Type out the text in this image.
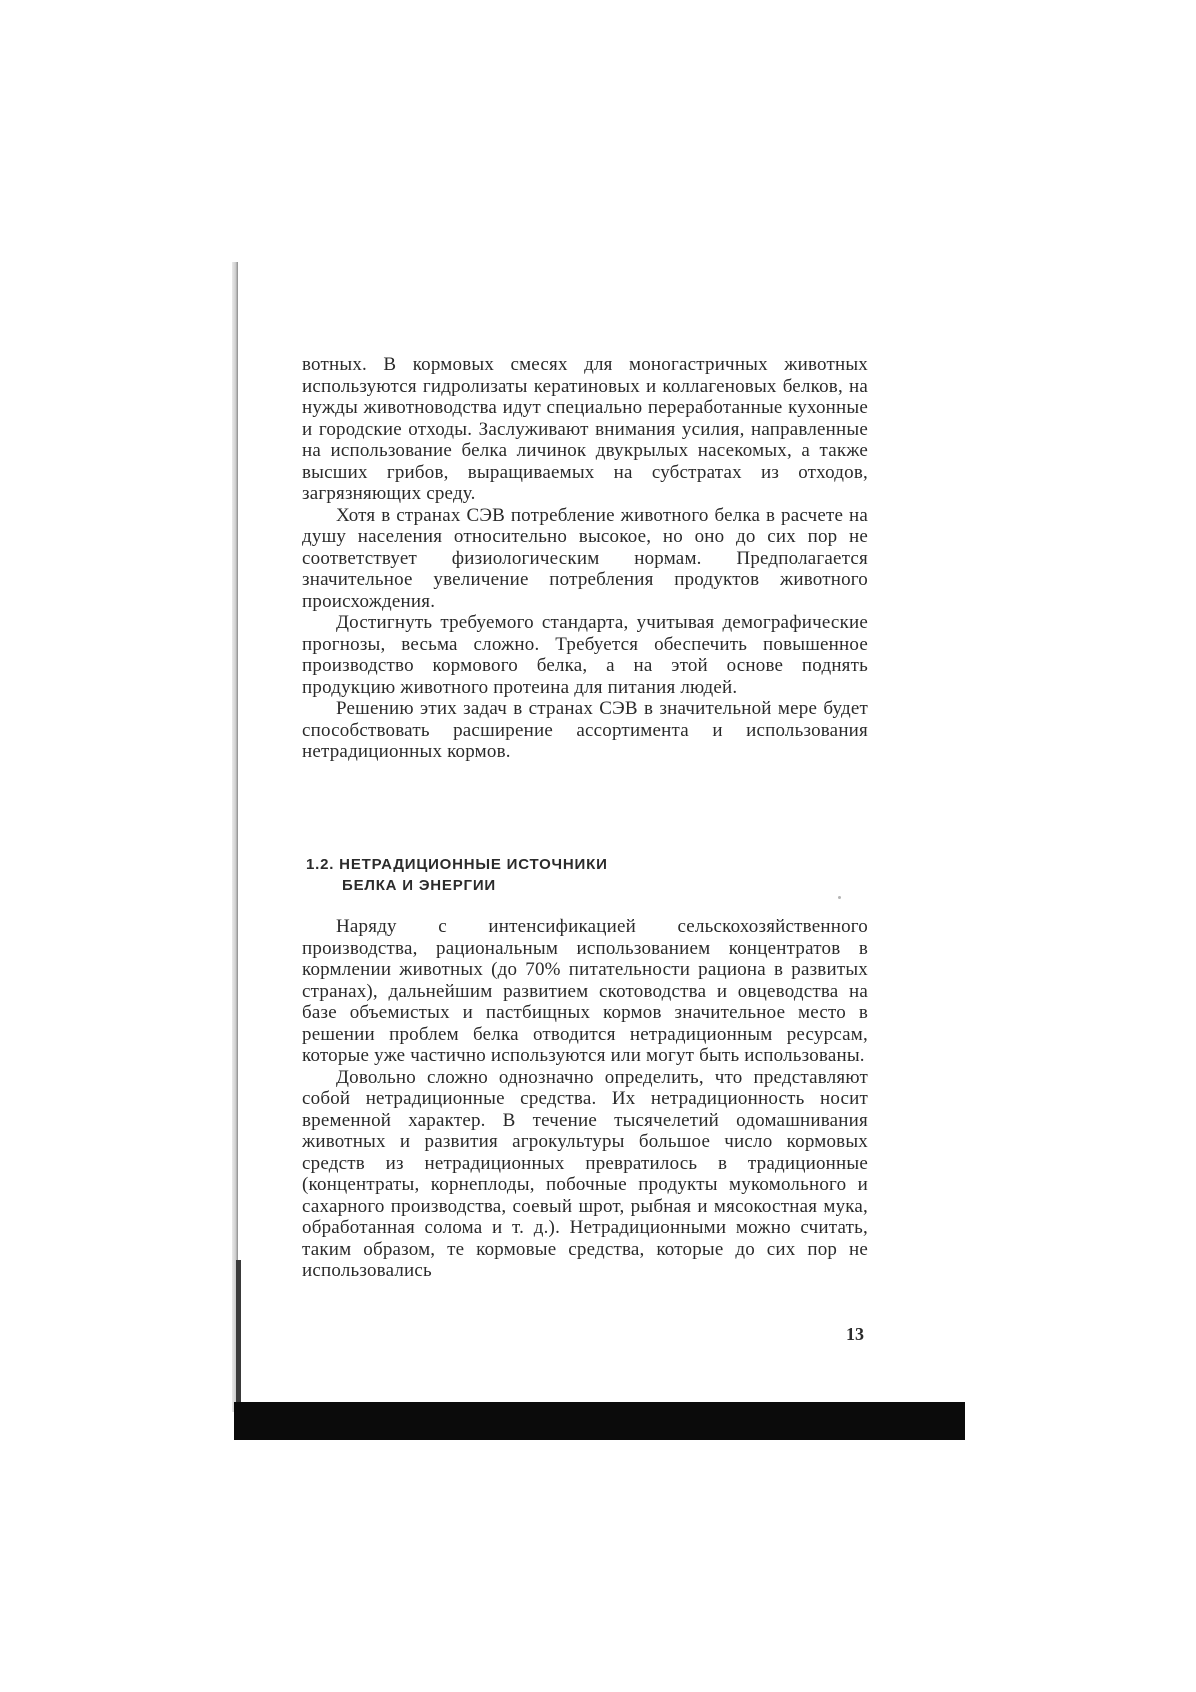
вотных. В кормовых смесях для моногастричных животных используются гидролизаты кератиновых и коллагеновых белков, на нужды животноводства идут специально переработанные кухонные и городские отходы. Заслуживают внимания усилия, направленные на использование белка личинок двукрылых насекомых, а также высших грибов, выращиваемых на субстратах из отходов, загрязняющих среду.

Хотя в странах СЭВ потребление животного белка в расчете на душу населения относительно высокое, но оно до сих пор не соответствует физиологическим нормам. Предполагается значительное увеличение потребления продуктов животного происхождения.

Достигнуть требуемого стандарта, учитывая демографические прогнозы, весьма сложно. Требуется обеспечить повышенное производство кормового белка, а на этой основе поднять продукцию животного протеина для питания людей.

Решению этих задач в странах СЭВ в значительной мере будет способствовать расширение ассортимента и использования нетрадиционных кормов.

1.2. НЕТРАДИЦИОННЫЕ ИСТОЧНИКИ
БЕЛКА И ЭНЕРГИИ

Наряду с интенсификацией сельскохозяйственного производства, рациональным использованием концентратов в кормлении животных (до 70% питательности рациона в развитых странах), дальнейшим развитием скотоводства и овцеводства на базе объемистых и пастбищных кормов значительное место в решении проблем белка отводится нетрадиционным ресурсам, которые уже частично используются или могут быть использованы.

Довольно сложно однозначно определить, что представляют собой нетрадиционные средства. Их нетрадиционность носит временной характер. В течение тысячелетий одомашнивания животных и развития агрокультуры большое число кормовых средств из нетрадиционных превратилось в традиционные (концентраты, корнеплоды, побочные продукты мукомольного и сахарного производства, соевый шрот, рыбная и мясокостная мука, обработанная солома и т. д.). Нетрадиционными можно считать, таким образом, те кормовые средства, которые до сих пор не использовались

13
